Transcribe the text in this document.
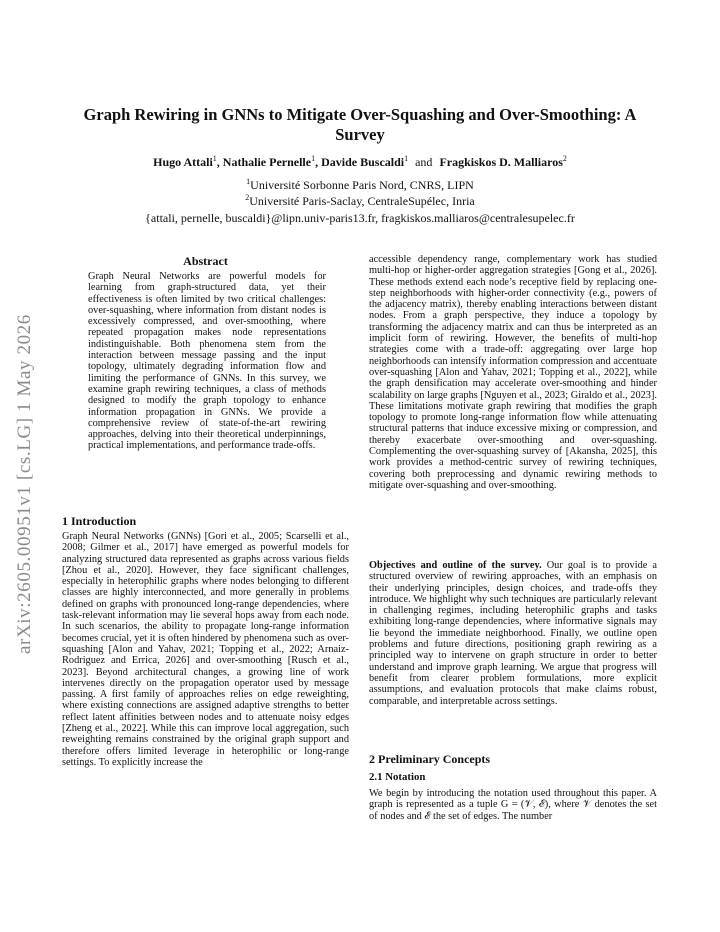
arXiv:2605.00951v1 [cs.LG] 1 May 2026
Graph Rewiring in GNNs to Mitigate Over-Squashing and Over-Smoothing: A Survey
Hugo Attali$^1$, Nathalie Pernelle$^1$, Davide Buscaldi$^1$ and Fragkiskos D. Malliaros$^2$
$^1$Université Sorbonne Paris Nord, CNRS, LIPN
$^2$Université Paris-Saclay, CentraleSupélec, Inria
{attali, pernelle, buscaldi}@lipn.univ-paris13.fr, fragkiskos.malliaros@centralesupelec.fr
Abstract
Graph Neural Networks are powerful models for learning from graph-structured data, yet their effectiveness is often limited by two critical challenges: over-squashing, where information from distant nodes is excessively compressed, and over-smoothing, where repeated propagation makes node representations indistinguishable. Both phenomena stem from the interaction between message passing and the input topology, ultimately degrading information flow and limiting the performance of GNNs. In this survey, we examine graph rewiring techniques, a class of methods designed to modify the graph topology to enhance information propagation in GNNs. We provide a comprehensive review of state-of-the-art rewiring approaches, delving into their theoretical underpinnings, practical implementations, and performance trade-offs.
1 Introduction
Graph Neural Networks (GNNs) [Gori et al., 2005; Scarselli et al., 2008; Gilmer et al., 2017] have emerged as powerful models for analyzing structured data represented as graphs across various fields [Zhou et al., 2020]. However, they face significant challenges, especially in heterophilic graphs where nodes belonging to different classes are highly interconnected, and more generally in problems defined on graphs with pronounced long-range dependencies, where task-relevant information may lie several hops away from each node. In such scenarios, the ability to propagate long-range information becomes crucial, yet it is often hindered by phenomena such as over-squashing [Alon and Yahav, 2021; Topping et al., 2022; Arnaiz-Rodriguez and Errica, 2026] and over-smoothing [Rusch et al., 2023]. Beyond architectural changes, a growing line of work intervenes directly on the propagation operator used by message passing. A first family of approaches relies on edge reweighting, where existing connections are assigned adaptive strengths to better reflect latent affinities between nodes and to attenuate noisy edges [Zheng et al., 2022]. While this can improve local aggregation, such reweighting remains constrained by the original graph support and therefore offers limited leverage in heterophilic or long-range settings. To explicitly increase the
accessible dependency range, complementary work has studied multi-hop or higher-order aggregation strategies [Gong et al., 2026]. These methods extend each node’s receptive field by replacing one-step neighborhoods with higher-order connectivity (e.g., powers of the adjacency matrix), thereby enabling interactions between distant nodes. From a graph perspective, they induce a topology by transforming the adjacency matrix and can thus be interpreted as an implicit form of rewiring. However, the benefits of multi-hop strategies come with a trade-off: aggregating over large hop neighborhoods can intensify information compression and accentuate over-squashing [Alon and Yahav, 2021; Topping et al., 2022], while the graph densification may accelerate over-smoothing and hinder scalability on large graphs [Nguyen et al., 2023; Giraldo et al., 2023]. These limitations motivate graph rewiring that modifies the graph topology to promote long-range information flow while attenuating structural patterns that induce excessive mixing or compression, and thereby exacerbate over-smoothing and over-squashing. Complementing the over-squashing survey of [Akansha, 2025], this work provides a method-centric survey of rewiring techniques, covering both preprocessing and dynamic rewiring methods to mitigate over-squashing and over-smoothing.
Objectives and outline of the survey. Our goal is to provide a structured overview of rewiring approaches, with an emphasis on their underlying principles, design choices, and trade-offs they introduce. We highlight why such techniques are particularly relevant in challenging regimes, including heterophilic graphs and tasks exhibiting long-range dependencies, where informative signals may lie beyond the immediate neighborhood. Finally, we outline open problems and future directions, positioning graph rewiring as a principled way to intervene on graph structure in order to better understand and improve graph learning. We argue that progress will benefit from clearer problem formulations, more explicit assumptions, and evaluation protocols that make claims robust, comparable, and interpretable across settings.
2 Preliminary Concepts
2.1 Notation
We begin by introducing the notation used throughout this paper. A graph is represented as a tuple G = (𝒱, ℰ), where 𝒱 denotes the set of nodes and ℰ the set of edges. The number
